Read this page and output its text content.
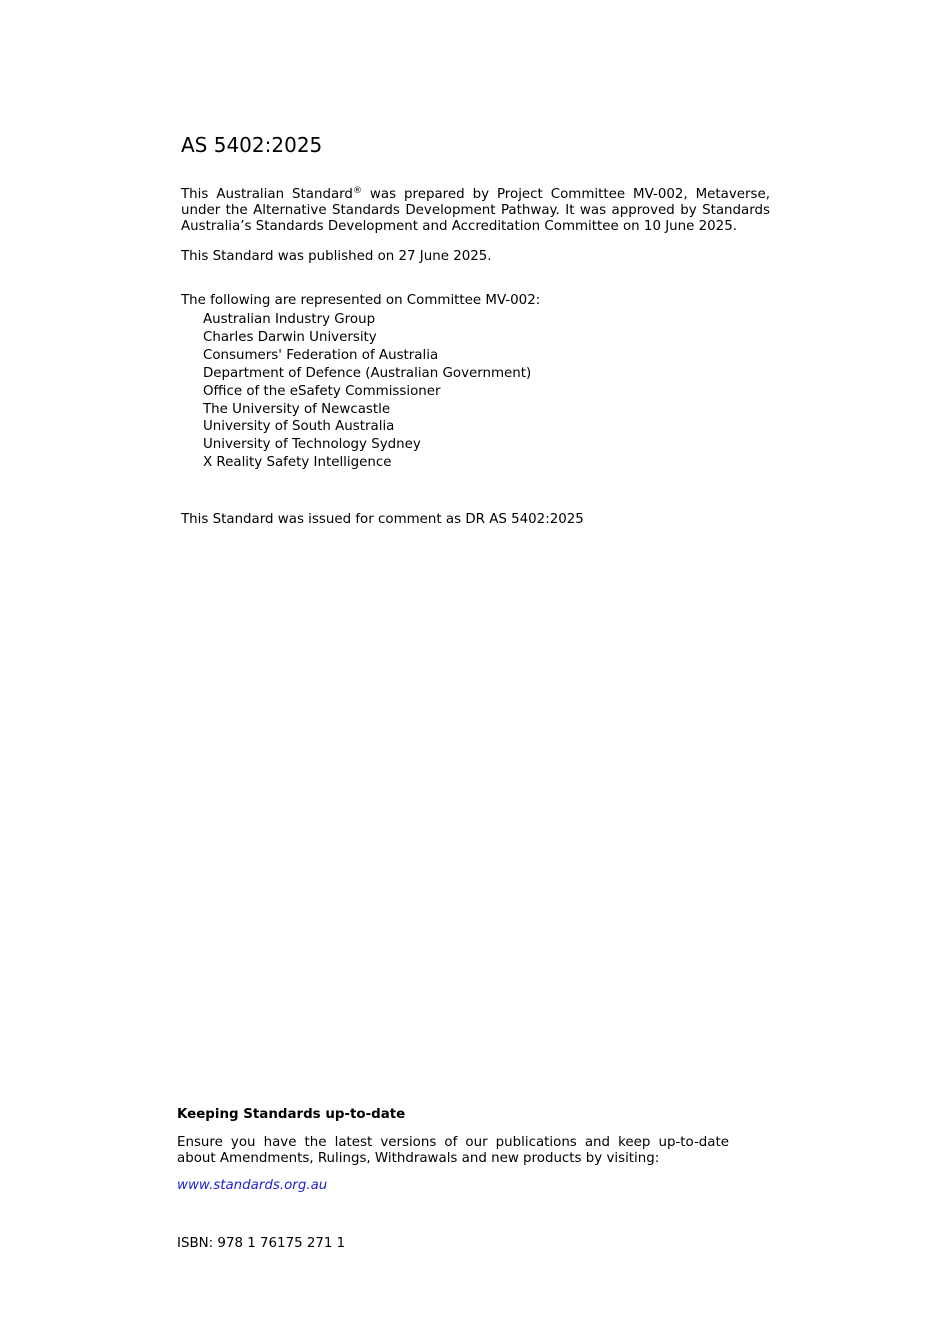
AS 5402:2025

This Australian Standard® was prepared by Project Committee MV-002, Metaverse, under the Alternative Standards Development Pathway. It was approved by Standards Australia’s Standards Development and Accreditation Committee on 10 June 2025.

This Standard was published on 27 June 2025.

The following are represented on Committee MV-002:

Australian Industry Group
Charles Darwin University
Consumers' Federation of Australia
Department of Defence (Australian Government)
Office of the eSafety Commissioner
The University of Newcastle
University of South Australia
University of Technology Sydney
X Reality Safety Intelligence

This Standard was issued for comment as DR AS 5402:2025

Keeping Standards up-to-date

Ensure you have the latest versions of our publications and keep up-to-date about Amendments, Rulings, Withdrawals and new products by visiting:

www.standards.org.au

ISBN: 978 1 76175 271 1
